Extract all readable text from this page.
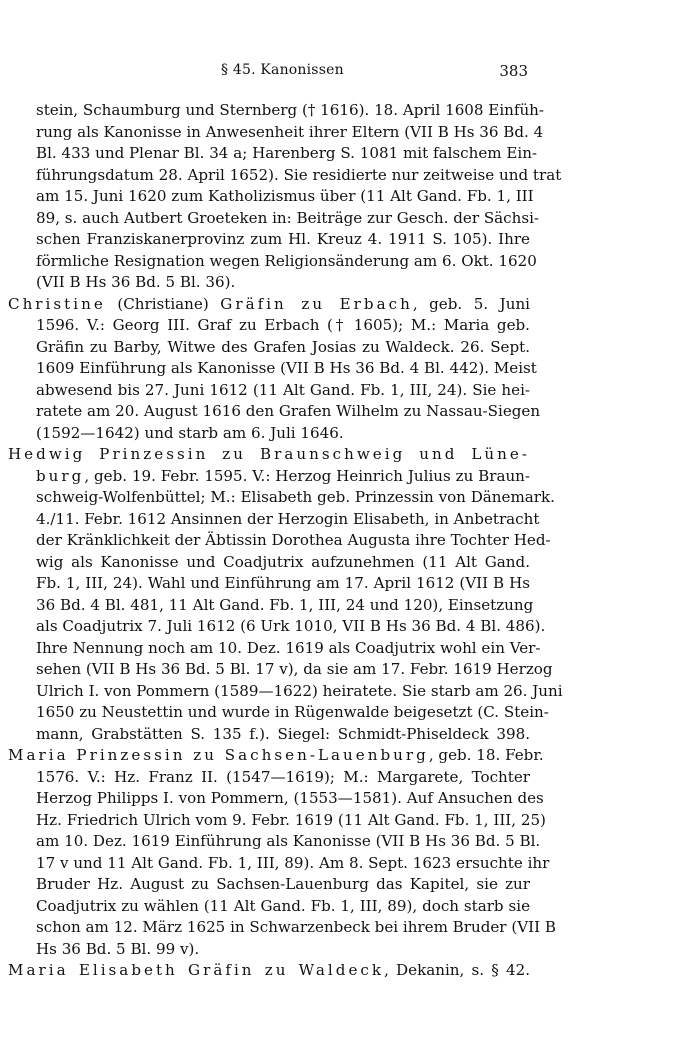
§ 45. Kanonissen	383
stein, Schaumburg und Sternberg († 1616). 18. April 1608 Einfüh-
rung als Kanonisse in Anwesenheit ihrer Eltern (VII B Hs 36 Bd. 4
Bl. 433 und Plenar Bl. 34 a; Harenberg S. 1081 mit falschem Ein-
führungsdatum 28. April 1652). Sie residierte nur zeitweise und trat
am 15. Juni 1620 zum Katholizismus über (11 Alt Gand. Fb. 1, III
89, s. auch Autbert Groeteken in: Beiträge zur Gesch. der Sächsi-
schen Franziskanerprovinz zum Hl. Kreuz 4. 1911 S. 105). Ihre
förmliche Resignation wegen Religionsänderung am 6. Okt. 1620
(VII B Hs 36 Bd. 5 Bl. 36).
Christine (Christiane) Gräfin zu Erbach, geb. 5. Juni
1596. V.: Georg III. Graf zu Erbach († 1605); M.: Maria geb.
Gräfin zu Barby, Witwe des Grafen Josias zu Waldeck. 26. Sept.
1609 Einführung als Kanonisse (VII B Hs 36 Bd. 4 Bl. 442). Meist
abwesend bis 27. Juni 1612 (11 Alt Gand. Fb. 1, III, 24). Sie hei-
ratete am 20. August 1616 den Grafen Wilhelm zu Nassau-Siegen
(1592—1642) und starb am 6. Juli 1646.
Hedwig Prinzessin zu Braunschweig und Lüne-
burg, geb. 19. Febr. 1595. V.: Herzog Heinrich Julius zu Braun-
schweig-Wolfenbüttel; M.: Elisabeth geb. Prinzessin von Dänemark.
4./11. Febr. 1612 Ansinnen der Herzogin Elisabeth, in Anbetracht
der Kränklichkeit der Äbtissin Dorothea Augusta ihre Tochter Hed-
wig als Kanonisse und Coadjutrix aufzunehmen (11 Alt Gand.
Fb. 1, III, 24). Wahl und Einführung am 17. April 1612 (VII B Hs
36 Bd. 4 Bl. 481, 11 Alt Gand. Fb. 1, III, 24 und 120), Einsetzung
als Coadjutrix 7. Juli 1612 (6 Urk 1010, VII B Hs 36 Bd. 4 Bl. 486).
Ihre Nennung noch am 10. Dez. 1619 als Coadjutrix wohl ein Ver-
sehen (VII B Hs 36 Bd. 5 Bl. 17 v), da sie am 17. Febr. 1619 Herzog
Ulrich I. von Pommern (1589—1622) heiratete. Sie starb am 26. Juni
1650 zu Neustettin und wurde in Rügenwalde beigesetzt (C. Stein-
mann, Grabstätten S. 135 f.). Siegel: Schmidt-Phiseldeck 398.
Maria Prinzessin zu Sachsen-Lauenburg, geb. 18. Febr.
1576. V.: Hz. Franz II. (1547—1619); M.: Margarete, Tochter
Herzog Philipps I. von Pommern, (1553—1581). Auf Ansuchen des
Hz. Friedrich Ulrich vom 9. Febr. 1619 (11 Alt Gand. Fb. 1, III, 25)
am 10. Dez. 1619 Einführung als Kanonisse (VII B Hs 36 Bd. 5 Bl.
17 v und 11 Alt Gand. Fb. 1, III, 89). Am 8. Sept. 1623 ersuchte ihr
Bruder Hz. August zu Sachsen-Lauenburg das Kapitel, sie zur
Coadjutrix zu wählen (11 Alt Gand. Fb. 1, III, 89), doch starb sie
schon am 12. März 1625 in Schwarzenbeck bei ihrem Bruder (VII B
Hs 36 Bd. 5 Bl. 99 v).
Maria Elisabeth Gräfin zu Waldeck, Dekanin, s. § 42.
